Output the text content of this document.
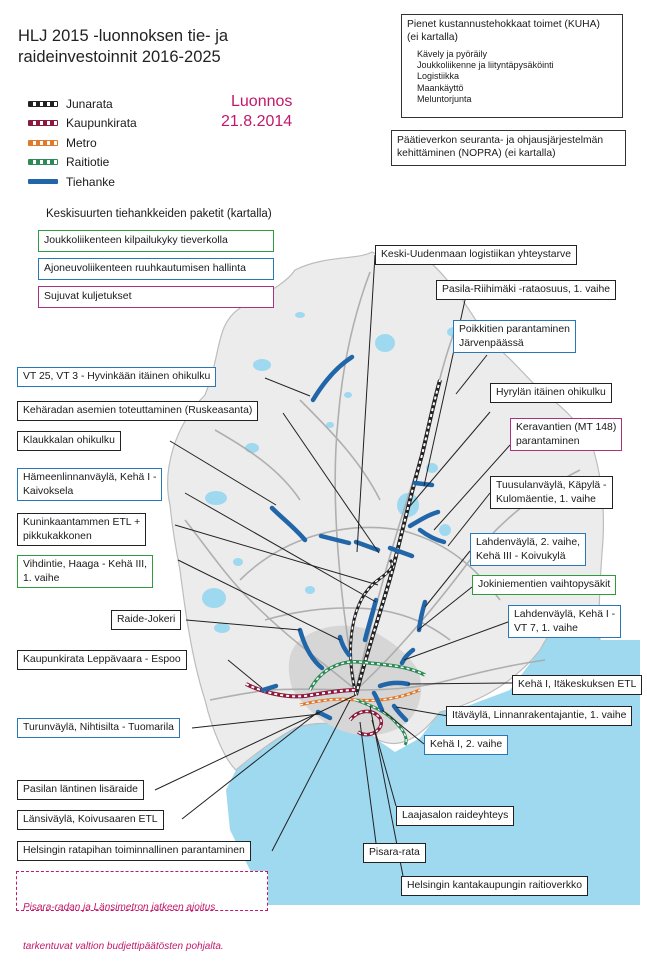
HLJ 2015 -luonnoksen tie- ja
raideinvestoinnit 2016-2025
Luonnos
21.8.2014
Junarata
Kaupunkirata
Metro
Raitiotie
Tiehanke
Keskisuurten tiehankkeiden paketit (kartalla)
Joukkoliikenteen kilpailukyky tieverkolla
Ajoneuvoliikenteen ruuhkautumisen hallinta
Sujuvat kuljetukset
Pienet kustannustehokkaat toimet (KUHA)
(ei kartalla)
Kävely ja pyöräily
Joukkoliikenne ja liityntäpysäköinti
Logistiikka
Maankäyttö
Meluntorjunta
Päätieverkon seuranta- ja ohjausjärjestelmän
kehittäminen (NOPRA) (ei kartalla)
Keski-Uudenmaan logistiikan yhteystarve
Pasila-Riihimäki -rataosuus, 1. vaihe
Poikkitien parantaminen
Järvenpäässä
VT 25, VT 3 - Hyvinkään itäinen ohikulku
Kehäradan asemien toteuttaminen (Ruskeasanta)
Hyrylän itäinen ohikulku
Klaukkalan ohikulku
Keravantien (MT 148)
parantaminen
Hämeenlinnanväylä, Kehä I -
Kaivoksela	Tuusulanväylä, Käpylä -
Kulomäentie, 1. vaihe
Kuninkaantammen ETL +
pikkukakkonen
Lahdenväylä, 2. vaihe,
Kehä III - Koivukylä
Vihdintie, Haaga - Kehä III,
1. vaihe
Jokiniementien vaihtopysäkit
Raide-Jokeri	Lahdenväylä, Kehä I -
VT 7, 1. vaihe
Kaupunkirata Leppävaara - Espoo
Kehä I, Itäkeskuksen ETL
Turunväylä, Nihtisilta - Tuomarila
Itäväylä, Linnanrakentajantie, 1. vaihe
Kehä I, 2. vaihe
Pasilan läntinen lisäraide
Laajasalon raideyhteys
Länsiväylä, Koivusaaren ETL
Helsingin ratapihan toiminnallinen parantaminen	Pisara-rata
Helsingin kantakaupungin raitioverkko

Pisara-radan ja Länsimetron jatkeen ajoitus

tarkentuvat valtion budjettipäätösten pohjalta.
